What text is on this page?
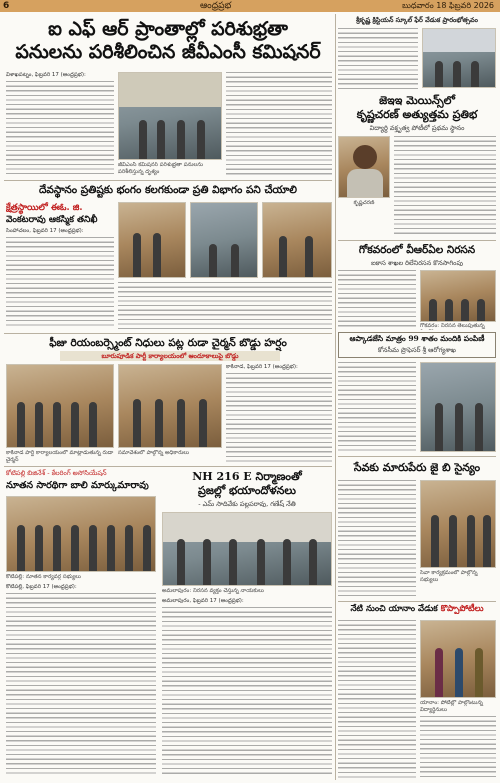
6	ఆంధ్రప్రభ	బుధవారం 18 ఫిబ్రవరి 2026
ఐ ఎఫ్ ఆర్ ప్రాంతాల్లో పరిశుభ్రతా
పనులను పరిశీలించిన జీవీఎంసీ కమిషనర్

విశాఖపట్నం, ఫిబ్రవరి 17 (ఆంధ్రప్రభ):

జీవీఎంసీ కమిషనర్ పరిశుభ్రతా పనులను పరిశీలిస్తున్న దృశ్యం
దేవస్థానం ప్రతిష్టకు భంగం కలగకుండా ప్రతి విభాగం పని చేయాలి
క్షేత్రస్థాయిలో ఈఓ. జి.
వెంకటరావు ఆకస్మిక తనిఖీ

సింహాచలం, ఫిబ్రవరి 17 (ఆంధ్రప్రభ):

ఫీజు రియంబర్స్మెంట్ నిధులు పట్ల రుడా చైర్మన్ బొడ్డు హర్షం
బూరుపూడిక పార్టీ కార్యాలయంలో ఆందూకాలుపై బొడ్డు
కాకినాడ పార్టీ కార్యాలయంలో మాట్లాడుతున్న రుడా చైర్మన్
సమావేశంలో పాల్గొన్న అధికారులు

కాకినాడ, ఫిబ్రవరి 17 (ఆంధ్రప్రభ):

కోటిపల్లి బిజినేశ్ - కేలరింగ్ అసోసియేషన్
నూతన సారథిగా బాలి మార్కుమారావు
కోటిపల్లి: నూతన కార్యవర్గ సభ్యులు

కోటిపల్లి, ఫిబ్రవరి 17 (ఆంధ్రప్రభ):

NH 216 E నిర్మాణంతో
ప్రజల్లో భయాందోళనలు
- ఎమ్ సాదివేకు పల్లపరావు, గణేష్ నేతి
అమలాపురం: నిరసన వ్యక్తం చేస్తున్న నాయకులు

అమలాపురం, ఫిబ్రవరి 17 (ఆంధ్రప్రభ):

శ్రీకృష్ణ క్రిస్టియన్ స్కూల్ ఫేర్ వేడుక ప్రారంభోత్సవం
జెఇఇ మెయిన్స్‌లో
కృష్ణచరణ్ అత్యుత్తమ ప్రతిభ
విద్యార్థి వక్తృత్వ పోటీలో ప్రథమ స్థానం
కృష్ణచరణ్
గోకవరంలో వీఆర్‌ఏల నిరసన
ఐకాస శాఖల రిలేనిరసన కొనసాగింపు
గోకవరం: నిరసన తెలుపుతున్న
ఆప్కాడజేసి మాత్రం 99 శాతం మందికి పంపిణీ
కోనసీమ ప్రొఫెసర్ శ్రీ ఆరోగ్యశాఖ
సేవకు మారుపేరు జై బి సైన్యం
సేవా కార్యక్రమంలో పాల్గొన్న సభ్యులు
నేటి నుంచి యానాం వేడుక కొప్పాపోటీలు
యానాం: పోటీల్లో పాల్గొంటున్న విద్యార్థినులు
